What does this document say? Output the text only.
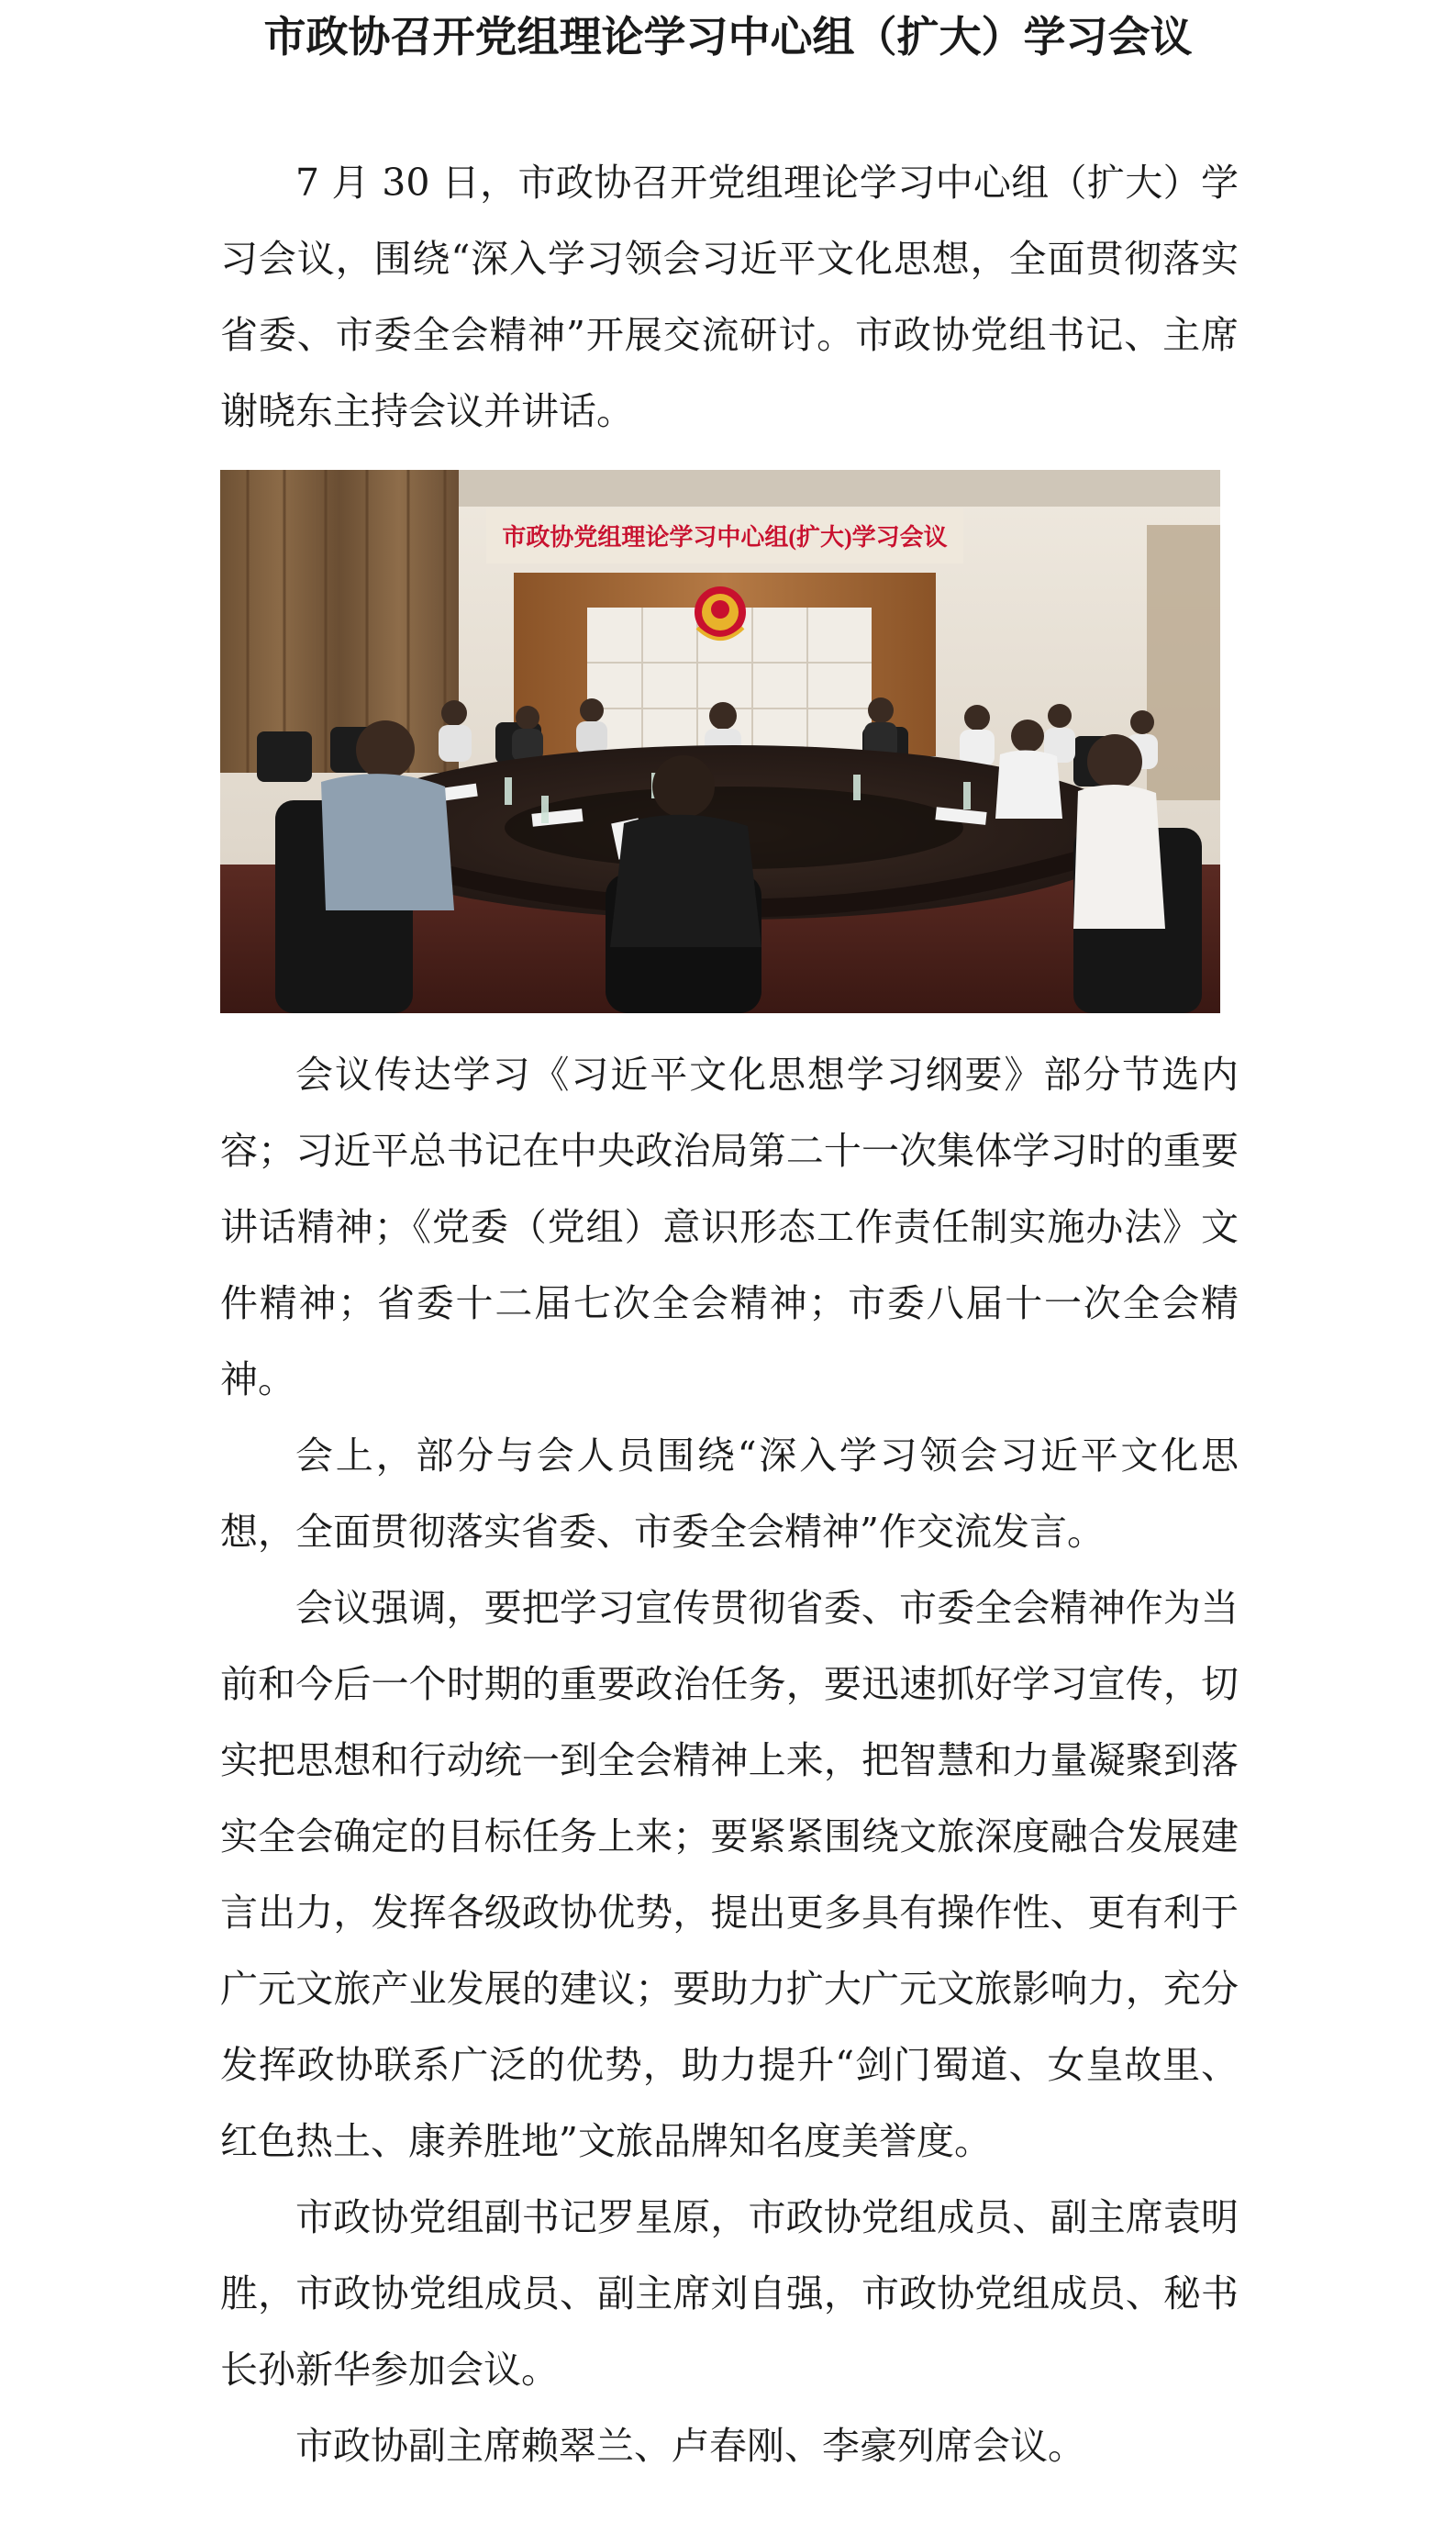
市政协召开党组理论学习中心组（扩大）学习会议

7 月 30 日，市政协召开党组理论学习中心组（扩大）学习会议，围绕“深入学习领会习近平文化思想，全面贯彻落实省委、市委全会精神”开展交流研讨。市政协党组书记、主席谢晓东主持会议并讲话。

市政协党组理论学习中心组(扩大)学习会议

会议传达学习《习近平文化思想学习纲要》部分节选内容；习近平总书记在中央政治局第二十一次集体学习时的重要讲话精神；《党委（党组）意识形态工作责任制实施办法》文件精神；省委十二届七次全会精神；市委八届十一次全会精神。

会上，部分与会人员围绕“深入学习领会习近平文化思想，全面贯彻落实省委、市委全会精神”作交流发言。

会议强调，要把学习宣传贯彻省委、市委全会精神作为当前和今后一个时期的重要政治任务，要迅速抓好学习宣传，切实把思想和行动统一到全会精神上来，把智慧和力量凝聚到落实全会确定的目标任务上来；要紧紧围绕文旅深度融合发展建言出力，发挥各级政协优势，提出更多具有操作性、更有利于广元文旅产业发展的建议；要助力扩大广元文旅影响力，充分发挥政协联系广泛的优势，助力提升“剑门蜀道、女皇故里、红色热土、康养胜地”文旅品牌知名度美誉度。

市政协党组副书记罗星原，市政协党组成员、副主席袁明胜，市政协党组成员、副主席刘自强，市政协党组成员、秘书长孙新华参加会议。

市政协副主席赖翠兰、卢春刚、李豪列席会议。
